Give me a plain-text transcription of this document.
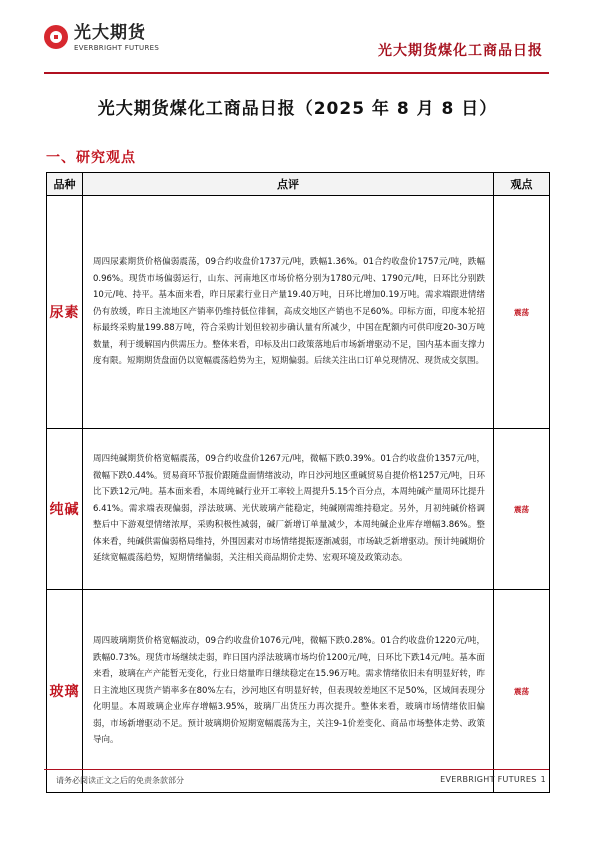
光大期货
EVERBRIGHT FUTURES	光大期货煤化工商品日报
光大期货煤化工商品日报（2025 年 8 月 8 日）
一、研究观点
品种	点评	观点
尿素	周四尿素期货价格偏弱震荡，09合约收盘价1737元/吨，跌幅1.36%。01合约收盘价1757元/吨，跌幅0.96%。现货市场偏弱运行，山东、河南地区市场价格分别为1780元/吨、1790元/吨，日环比分别跌10元/吨、持平。基本面来看，昨日尿素行业日产量19.40万吨，日环比增加0.19万吨。需求端跟进情绪仍有放缓，昨日主流地区产销率仍维持低位徘徊，高成交地区产销也不足60%。印标方面，印度本轮招标最终采购量199.88万吨，符合采购计划但较初步确认量有所减少，中国在配额内可供印度20-30万吨数量，利于缓解国内供需压力。整体来看，印标及出口政策落地后市场新增驱动不足，国内基本面支撑力度有限。短期期货盘面仍以宽幅震荡趋势为主，短期偏弱。后续关注出口订单兑现情况、现货成交氛围。	震荡
纯碱	周四纯碱期货价格宽幅震荡，09合约收盘价1267元/吨，微幅下跌0.39%。01合约收盘价1357元/吨，微幅下跌0.44%。贸易商环节报价跟随盘面情绪波动，昨日沙河地区重碱贸易自提价格1257元/吨，日环比下跌12元/吨。基本面来看，本周纯碱行业开工率较上周提升5.15个百分点，本周纯碱产量周环比提升6.41%。需求端表现偏弱，浮法玻璃、光伏玻璃产能稳定，纯碱刚需维持稳定。另外，月初纯碱价格调整后中下游观望情绪浓厚，采购积极性减弱，碱厂新增订单量减少，本周纯碱企业库存增幅3.86%。整体来看，纯碱供需偏弱格局维持，外围因素对市场情绪提振逐渐减弱，市场缺乏新增驱动。预计纯碱期价延续宽幅震荡趋势，短期情绪偏弱，关注相关商品期价走势、宏观环境及政策动态。	震荡
玻璃	周四玻璃期货价格宽幅波动，09合约收盘价1076元/吨，微幅下跌0.28%。01合约收盘价1220元/吨，跌幅0.73%。现货市场继续走弱，昨日国内浮法玻璃市场均价1200元/吨，日环比下跌14元/吨。基本面来看，玻璃在产产能暂无变化，行业日熔量昨日继续稳定在15.96万吨。需求情绪依旧未有明显好转，昨日主流地区现货产销率多在80%左右，沙河地区有明显好转，但表现较差地区不足50%，区域间表现分化明显。本周玻璃企业库存增幅3.95%，玻璃厂出货压力再次提升。整体来看，玻璃市场情绪依旧偏弱，市场新增驱动不足。预计玻璃期价短期宽幅震荡为主，关注9-1价差变化、商品市场整体走势、政策导向。	震荡
请务必阅读正文之后的免责条款部分	EVERBRIGHT FUTURES 1
